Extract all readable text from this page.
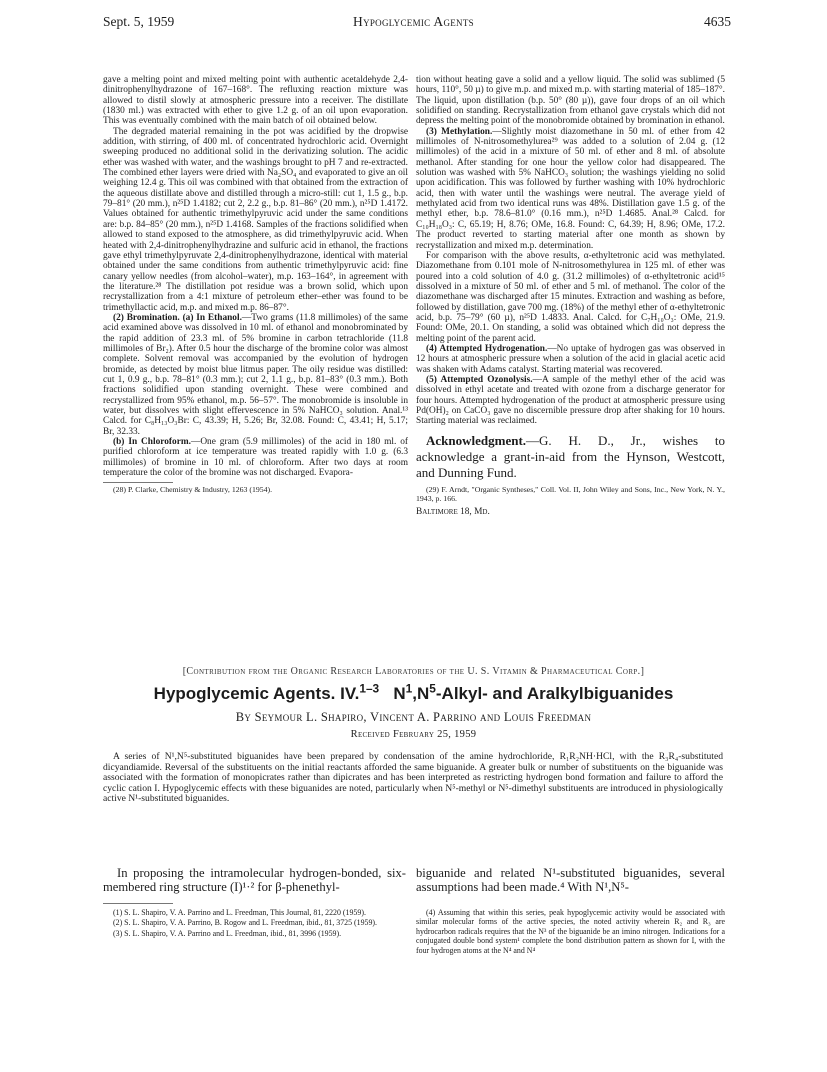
Sept. 5, 1959	Hypoglycemic Agents	4635

gave a melting point and mixed melting point with authentic acetaldehyde 2,4-dinitrophenylhydrazone of 167–168°. The refluxing reaction mixture was allowed to distil slowly at atmospheric pressure into a receiver. The distillate (1830 ml.) was extracted with ether to give 1.2 g. of an oil upon evaporation. This was eventually combined with the main batch of oil obtained below.

The degraded material remaining in the pot was acidified by the dropwise addition, with stirring, of 400 ml. of concentrated hydrochloric acid. Overnight sweeping produced no additional solid in the derivatizing solution. The acidic ether was washed with water, and the washings brought to pH 7 and re-extracted. The combined ether layers were dried with Na₂SO₄ and evaporated to give an oil weighing 12.4 g. This oil was combined with that obtained from the extraction of the aqueous distillate above and distilled through a micro-still: cut 1, 1.5 g., b.p. 79–81° (20 mm.), n²⁵D 1.4182; cut 2, 2.2 g., b.p. 81–86° (20 mm.), n²⁵D 1.4172. Values obtained for authentic trimethylpyruvic acid under the same conditions are: b.p. 84–85° (20 mm.), n²⁵D 1.4168. Samples of the fractions solidified when allowed to stand exposed to the atmosphere, as did trimethylpyruvic acid. When heated with 2,4-dinitrophenylhydrazine and sulfuric acid in ethanol, the fractions gave ethyl trimethylpyruvate 2,4-dinitrophenylhydrazone, identical with material obtained under the same conditions from authentic trimethylpyruvic acid: fine canary yellow needles (from alcohol–water), m.p. 163–164°, in agreement with the literature.²⁸ The distillation pot residue was a brown solid, which upon recrystallization from a 4:1 mixture of petroleum ether–ether was found to be trimethyllactic acid, m.p. and mixed m.p. 86–87°.

(2) Bromination. (a) In Ethanol.—Two grams (11.8 millimoles) of the same acid examined above was dissolved in 10 ml. of ethanol and monobrominated by the rapid addition of 23.3 ml. of 5% bromine in carbon tetrachloride (11.8 millimoles of Br₂). After 0.5 hour the discharge of the bromine color was almost complete. Solvent removal was accompanied by the evolution of hydrogen bromide, as detected by moist blue litmus paper. The oily residue was distilled: cut 1, 0.9 g., b.p. 78–81° (0.3 mm.); cut 2, 1.1 g., b.p. 81–83° (0.3 mm.). Both fractions solidified upon standing overnight. These were combined and recrystallized from 95% ethanol, m.p. 56–57°. The monobromide is insoluble in water, but dissolves with slight effervescence in 5% NaHCO₃ solution. Anal.¹³ Calcd. for C₈H₁₃O₃Br: C, 43.39; H, 5.26; Br, 32.08. Found: C, 43.41; H, 5.17; Br, 32.33.

(b) In Chloroform.—One gram (5.9 millimoles) of the acid in 180 ml. of purified chloroform at ice temperature was treated rapidly with 1.0 g. (6.3 millimoles) of bromine in 10 ml. of chloroform. After two days at room temperature the color of the bromine was not discharged. Evapora-

(28) P. Clarke, Chemistry & Industry, 1263 (1954).

tion without heating gave a solid and a yellow liquid. The solid was sublimed (5 hours, 110°, 50 µ) to give m.p. and mixed m.p. with starting material of 185–187°. The liquid, upon distillation (b.p. 50° (80 µ)), gave four drops of an oil which solidified on standing. Recrystallization from ethanol gave crystals which did not depress the melting point of the monobromide obtained by bromination in ethanol.

(3) Methylation.—Slightly moist diazomethane in 50 ml. of ether from 42 millimoles of N-nitrosomethylurea²⁹ was added to a solution of 2.04 g. (12 millimoles) of the acid in a mixture of 50 ml. of ether and 8 ml. of absolute methanol. After standing for one hour the yellow color had disappeared. The solution was washed with 5% NaHCO₃ solution; the washings yielding no solid upon acidification. This was followed by further washing with 10% hydrochloric acid, then with water until the washings were neutral. The average yield of methylated acid from two identical runs was 48%. Distillation gave 1.5 g. of the methyl ether, b.p. 78.6–81.0° (0.16 mm.), n²⁵D 1.4685. Anal.²⁸ Calcd. for C₁₀H₁₈O₃: C, 65.19; H, 8.76; OMe, 16.8. Found: C, 64.39; H, 8.96; OMe, 17.2. The product reverted to starting material after one month as shown by recrystallization and mixed m.p. determination.

For comparison with the above results, α-ethyltetronic acid was methylated. Diazomethane from 0.101 mole of N-nitrosomethylurea in 125 ml. of ether was poured into a cold solution of 4.0 g. (31.2 millimoles) of α-ethyltetronic acid¹⁵ dissolved in a mixture of 50 ml. of ether and 5 ml. of methanol. The color of the diazomethane was discharged after 15 minutes. Extraction and washing as before, followed by distillation, gave 700 mg. (18%) of the methyl ether of α-ethyltetronic acid, b.p. 75–79° (60 µ), n²⁵D 1.4833. Anal. Calcd. for C₇H₁₀O₃: OMe, 21.9. Found: OMe, 20.1. On standing, a solid was obtained which did not depress the melting point of the parent acid.

(4) Attempted Hydrogenation.—No uptake of hydrogen gas was observed in 12 hours at atmospheric pressure when a solution of the acid in glacial acetic acid was shaken with Adams catalyst. Starting material was recovered.

(5) Attempted Ozonolysis.—A sample of the methyl ether of the acid was dissolved in ethyl acetate and treated with ozone from a discharge generator for four hours. Attempted hydrogenation of the product at atmospheric pressure using Pd(OH)₂ on CaCO₃ gave no discernible pressure drop after shaking for 10 hours. Starting material was reclaimed.

Acknowledgment.—G. H. D., Jr., wishes to acknowledge a grant-in-aid from the Hynson, Westcott, and Dunning Fund.

(29) F. Arndt, "Organic Syntheses," Coll. Vol. II, John Wiley and Sons, Inc., New York, N. Y., 1943, p. 166.

Baltimore 18, Md.

[Contribution from the Organic Research Laboratories of the U. S. Vitamin & Pharmaceutical Corp.]
Hypoglycemic Agents. IV.$^{1-3}$ $N^1,N^5-Alkyl-$ and Aralkylbiguanides
By Seymour L. Shapiro, Vincent A. Parrino and Louis Freedman
Received February 25, 1959
A series of N¹,N⁵-substituted biguanides have been prepared by condensation of the amine hydrochloride, R₁R₂NH·HCl, with the R₃R₄-substituted dicyandiamide. Reversal of the substituents on the initial reactants afforded the same biguanide. A greater bulk or number of substituents on the biguanide was associated with the formation of monopicrates rather than dipicrates and has been interpreted as restricting hydrogen bond formation and failure to afford the cyclic cation I. Hypoglycemic effects with these biguanides are noted, particularly when N⁵-methyl or N⁵-dimethyl substituents are introduced in physiologically active N¹-substituted biguanides.
In proposing the intramolecular hydrogen-bonded, six-membered ring structure (I)¹·² for β-phenethyl-
biguanide and related N¹-substituted biguanides, several assumptions had been made.⁴ With N¹,N⁵-

(1) S. L. Shapiro, V. A. Parrino and L. Freedman, This Journal, 81, 2220 (1959).

(2) S. L. Shapiro, V. A. Parrino, B. Rogow and L. Freedman, ibid., 81, 3725 (1959).

(3) S. L. Shapiro, V. A. Parrino and L. Freedman, ibid., 81, 3996 (1959).

(4) Assuming that within this series, peak hypoglycemic activity would be associated with similar molecular forms of the active species, the noted activity wherein R₂ and R₃ are hydrocarbon radicals requires that the N³ of the biguanide be an imino nitrogen. Indications for a conjugated double bond system¹ complete the bond distribution pattern as shown for I, with the four hydrogen atoms at the N⁴ and N⁴
